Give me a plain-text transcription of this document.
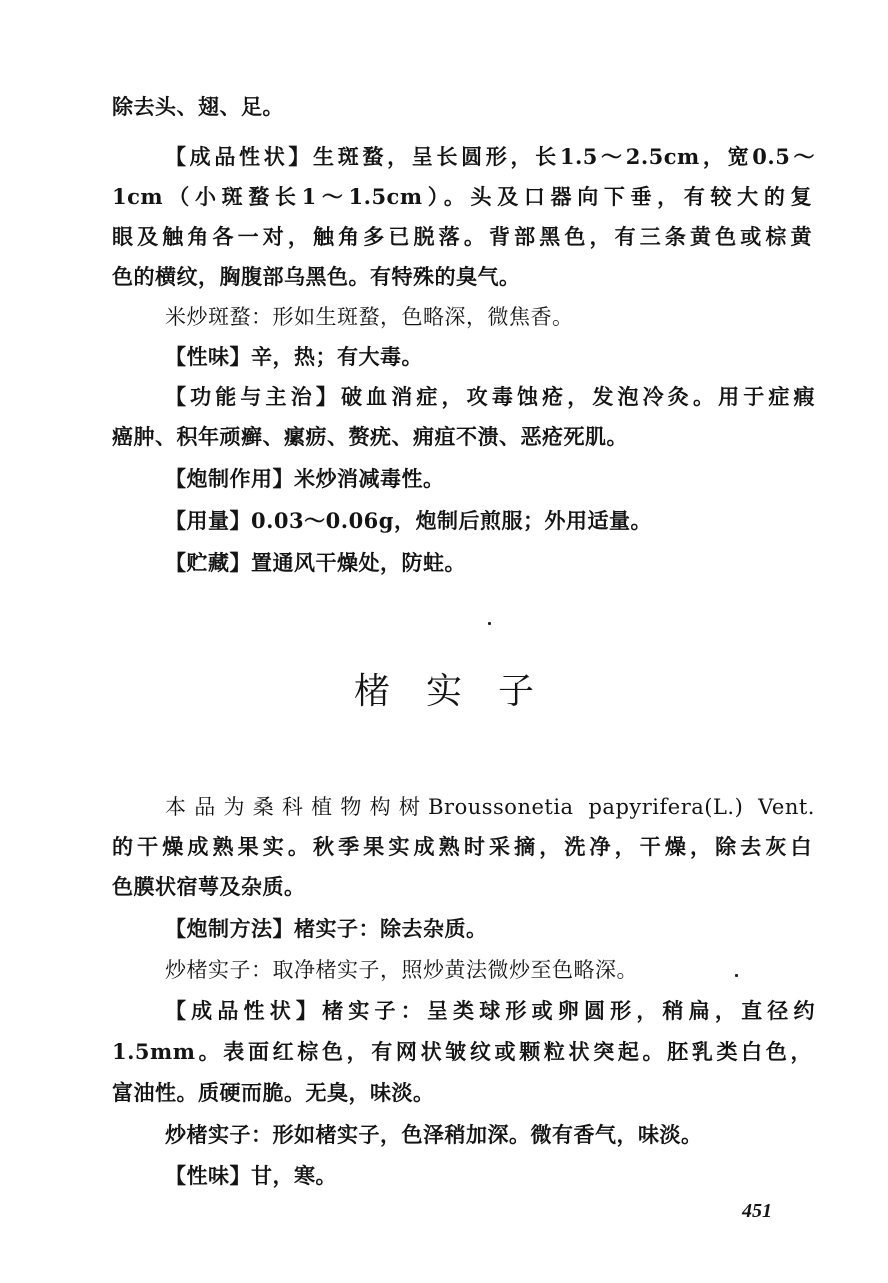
除去头、翅、足。
【成品性状】生斑蝥，呈长圆形，长1.5～2.5cm，宽0.5～
1cm（小斑蝥长1～1.5cm）。头及口器向下垂，有较大的复
眼及触角各一对，触角多已脱落。背部黑色，有三条黄色或棕黄
色的横纹，胸腹部乌黑色。有特殊的臭气。
米炒斑蝥：形如生斑蝥，色略深，微焦香。
【性味】辛，热；有大毒。
【功能与主治】破血消症，攻毒蚀疮，发泡冷灸。用于症瘕
癌肿、积年顽癣、瘰疬、赘疣、痈疽不溃、恶疮死肌。
【炮制作用】米炒消减毒性。
【用量】0.03～0.06g，炮制后煎服；外用适量。
【贮藏】置通风干燥处，防蛀。
楮实子
本品为桑科植物构树Broussonetia papyrifera(L.) Vent.
的干燥成熟果实。秋季果实成熟时采摘，洗净，干燥，除去灰白
色膜状宿萼及杂质。
【炮制方法】楮实子：除去杂质。
炒楮实子：取净楮实子，照炒黄法微炒至色略深。
【成品性状】楮实子：呈类球形或卵圆形，稍扁，直径约
1.5mm。表面红棕色，有网状皱纹或颗粒状突起。胚乳类白色，
富油性。质硬而脆。无臭，味淡。
炒楮实子：形如楮实子，色泽稍加深。微有香气，味淡。
【性味】甘，寒。
451
